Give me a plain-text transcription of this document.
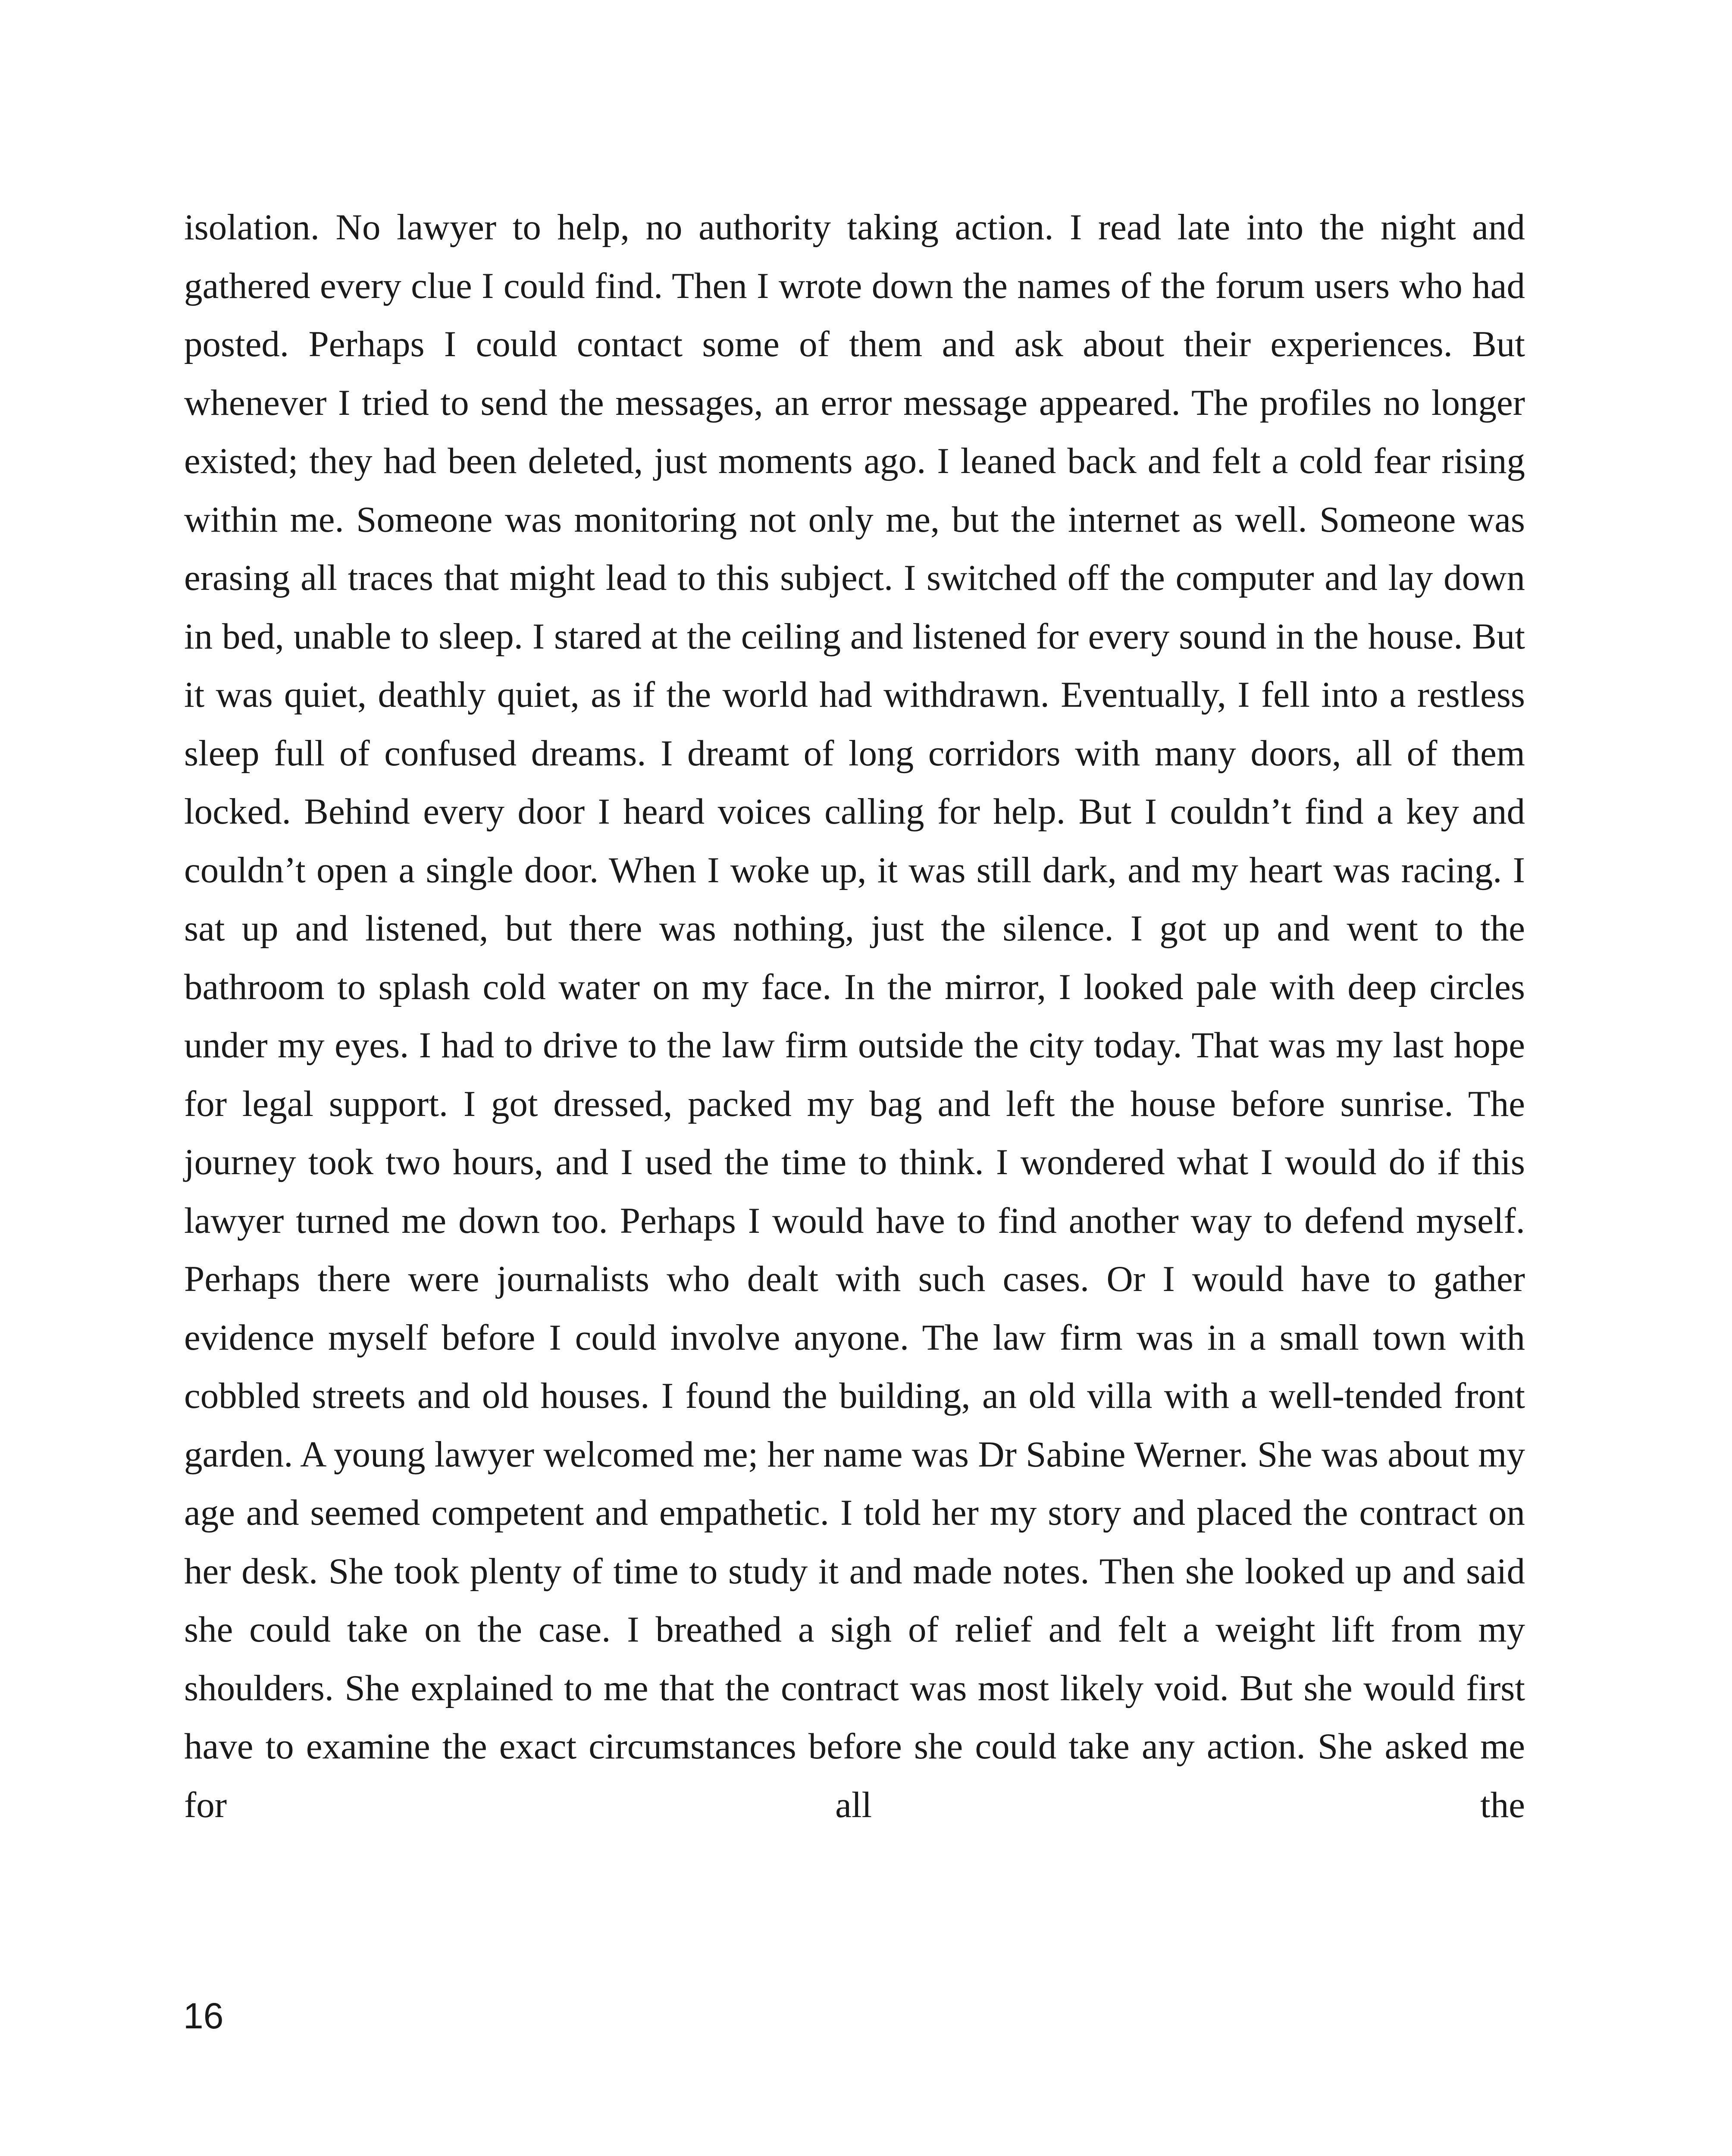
isolation. No lawyer to help, no authority taking action. I read late into the night and gathered every clue I could find. Then I wrote down the names of the forum users who had posted. Perhaps I could contact some of them and ask about their experiences. But whenever I tried to send the messages, an error message appeared. The profiles no longer existed; they had been deleted, just moments ago. I leaned back and felt a cold fear rising within me. Someone was monitoring not only me, but the internet as well. Someone was erasing all traces that might lead to this subject. I switched off the computer and lay down in bed, unable to sleep. I stared at the ceiling and listened for every sound in the house. But it was quiet, deathly quiet, as if the world had withdrawn. Eventually, I fell into a restless sleep full of confused dreams. I dreamt of long corridors with many doors, all of them locked. Behind every door I heard voices calling for help. But I couldn’t find a key and couldn’t open a single door. When I woke up, it was still dark, and my heart was racing. I sat up and listened, but there was nothing, just the silence. I got up and went to the bathroom to splash cold water on my face. In the mirror, I looked pale with deep circles under my eyes. I had to drive to the law firm outside the city today. That was my last hope for legal support. I got dressed, packed my bag and left the house before sunrise. The journey took two hours, and I used the time to think. I wondered what I would do if this lawyer turned me down too. Perhaps I would have to find another way to defend myself. Perhaps there were journalists who dealt with such cases. Or I would have to gather evidence myself before I could involve anyone. The law firm was in a small town with cobbled streets and old houses. I found the building, an old villa with a well-tended front garden. A young lawyer welcomed me; her name was Dr Sabine Werner. She was about my age and seemed competent and empathetic. I told her my story and placed the contract on her desk. She took plenty of time to study it and made notes. Then she looked up and said she could take on the case. I breathed a sigh of relief and felt a weight lift from my shoulders. She explained to me that the contract was most likely void. But she would first have to examine the exact circumstances before she could take any action. She asked me for all the

16
